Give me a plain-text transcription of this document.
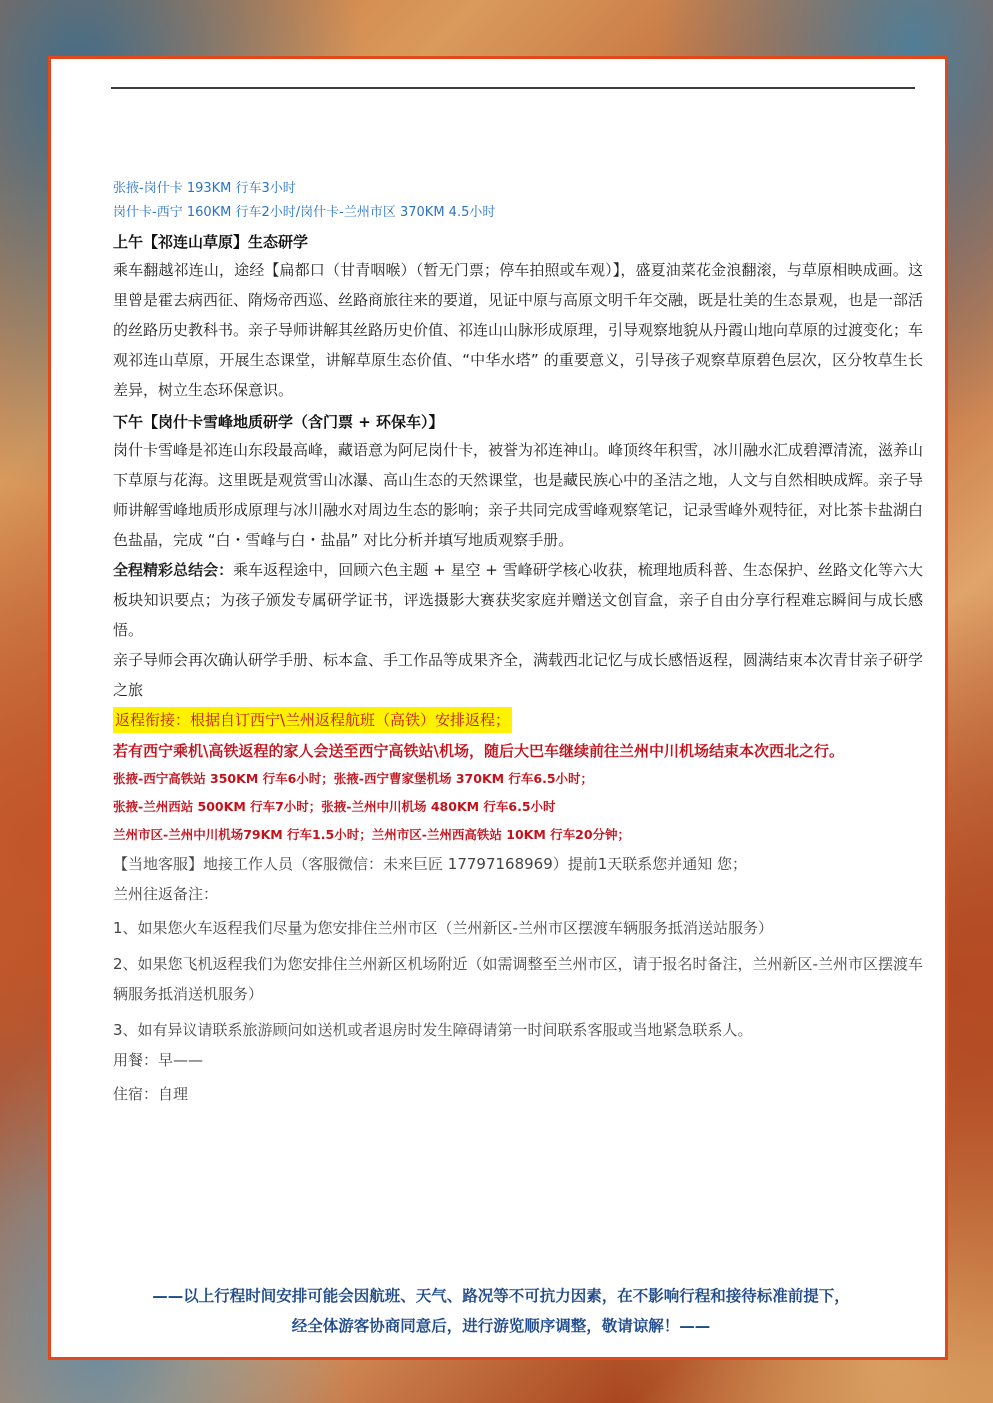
张掖-岗什卡 193KM 行车3小时
岗什卡-西宁 160KM 行车2小时/岗什卡-兰州市区 370KM 4.5小时
上午【祁连山草原】生态研学
乘车翻越祁连山，途经【扁都口（甘青咽喉）（暂无门票；停车拍照或车观）】，盛夏油菜花金浪翻滚，与草原相映成画。这里曾是霍去病西征、隋炀帝西巡、丝路商旅往来的要道，见证中原与高原文明千年交融，既是壮美的生态景观，也是一部活的丝路历史教科书。亲子导师讲解其丝路历史价值、祁连山山脉形成原理，引导观察地貌从丹霞山地向草原的过渡变化；车观祁连山草原，开展生态课堂，讲解草原生态价值、“中华水塔” 的重要意义，引导孩子观察草原碧色层次，区分牧草生长差异，树立生态环保意识。
下午【岗什卡雪峰地质研学（含门票 + 环保车）】
岗什卡雪峰是祁连山东段最高峰，藏语意为阿尼岗什卡，被誉为祁连神山。峰顶终年积雪，冰川融水汇成碧潭清流，滋养山下草原与花海。这里既是观赏雪山冰瀑、高山生态的天然课堂，也是藏民族心中的圣洁之地，人文与自然相映成辉。亲子导师讲解雪峰地质形成原理与冰川融水对周边生态的影响；亲子共同完成雪峰观察笔记，记录雪峰外观特征，对比茶卡盐湖白色盐晶，完成 “白・雪峰与白・盐晶” 对比分析并填写地质观察手册。
全程精彩总结会：乘车返程途中，回顾六色主题 + 星空 + 雪峰研学核心收获，梳理地质科普、生态保护、丝路文化等六大板块知识要点；为孩子颁发专属研学证书，评选摄影大赛获奖家庭并赠送文创盲盒，亲子自由分享行程难忘瞬间与成长感悟。
亲子导师会再次确认研学手册、标本盒、手工作品等成果齐全，满载西北记忆与成长感悟返程，圆满结束本次青甘亲子研学之旅
返程衔接：根据自订西宁\兰州返程航班（高铁）安排返程；
若有西宁乘机\高铁返程的家人会送至西宁高铁站\机场，随后大巴车继续前往兰州中川机场结束本次西北之行。
张掖-西宁高铁站 350KM 行车6小时；张掖-西宁曹家堡机场 370KM 行车6.5小时；
张掖-兰州西站 500KM 行车7小时；张掖-兰州中川机场 480KM 行车6.5小时
兰州市区-兰州中川机场79KM 行车1.5小时；兰州市区-兰州西高铁站 10KM 行车20分钟；
【当地客服】地接工作人员（客服微信：未来巨匠 17797168969）提前1天联系您并通知 您；
兰州往返备注：
1、如果您火车返程我们尽量为您安排住兰州市区（兰州新区-兰州市区摆渡车辆服务抵消送站服务）
2、如果您飞机返程我们为您安排住兰州新区机场附近（如需调整至兰州市区，请于报名时备注，兰州新区-兰州市区摆渡车辆服务抵消送机服务）
3、如有异议请联系旅游顾问如送机或者退房时发生障碍请第一时间联系客服或当地紧急联系人。
用餐：早——
住宿：自理
——以上行程时间安排可能会因航班、天气、路况等不可抗力因素，在不影响行程和接待标准前提下，
经全体游客协商同意后，进行游览顺序调整，敬请谅解！——
